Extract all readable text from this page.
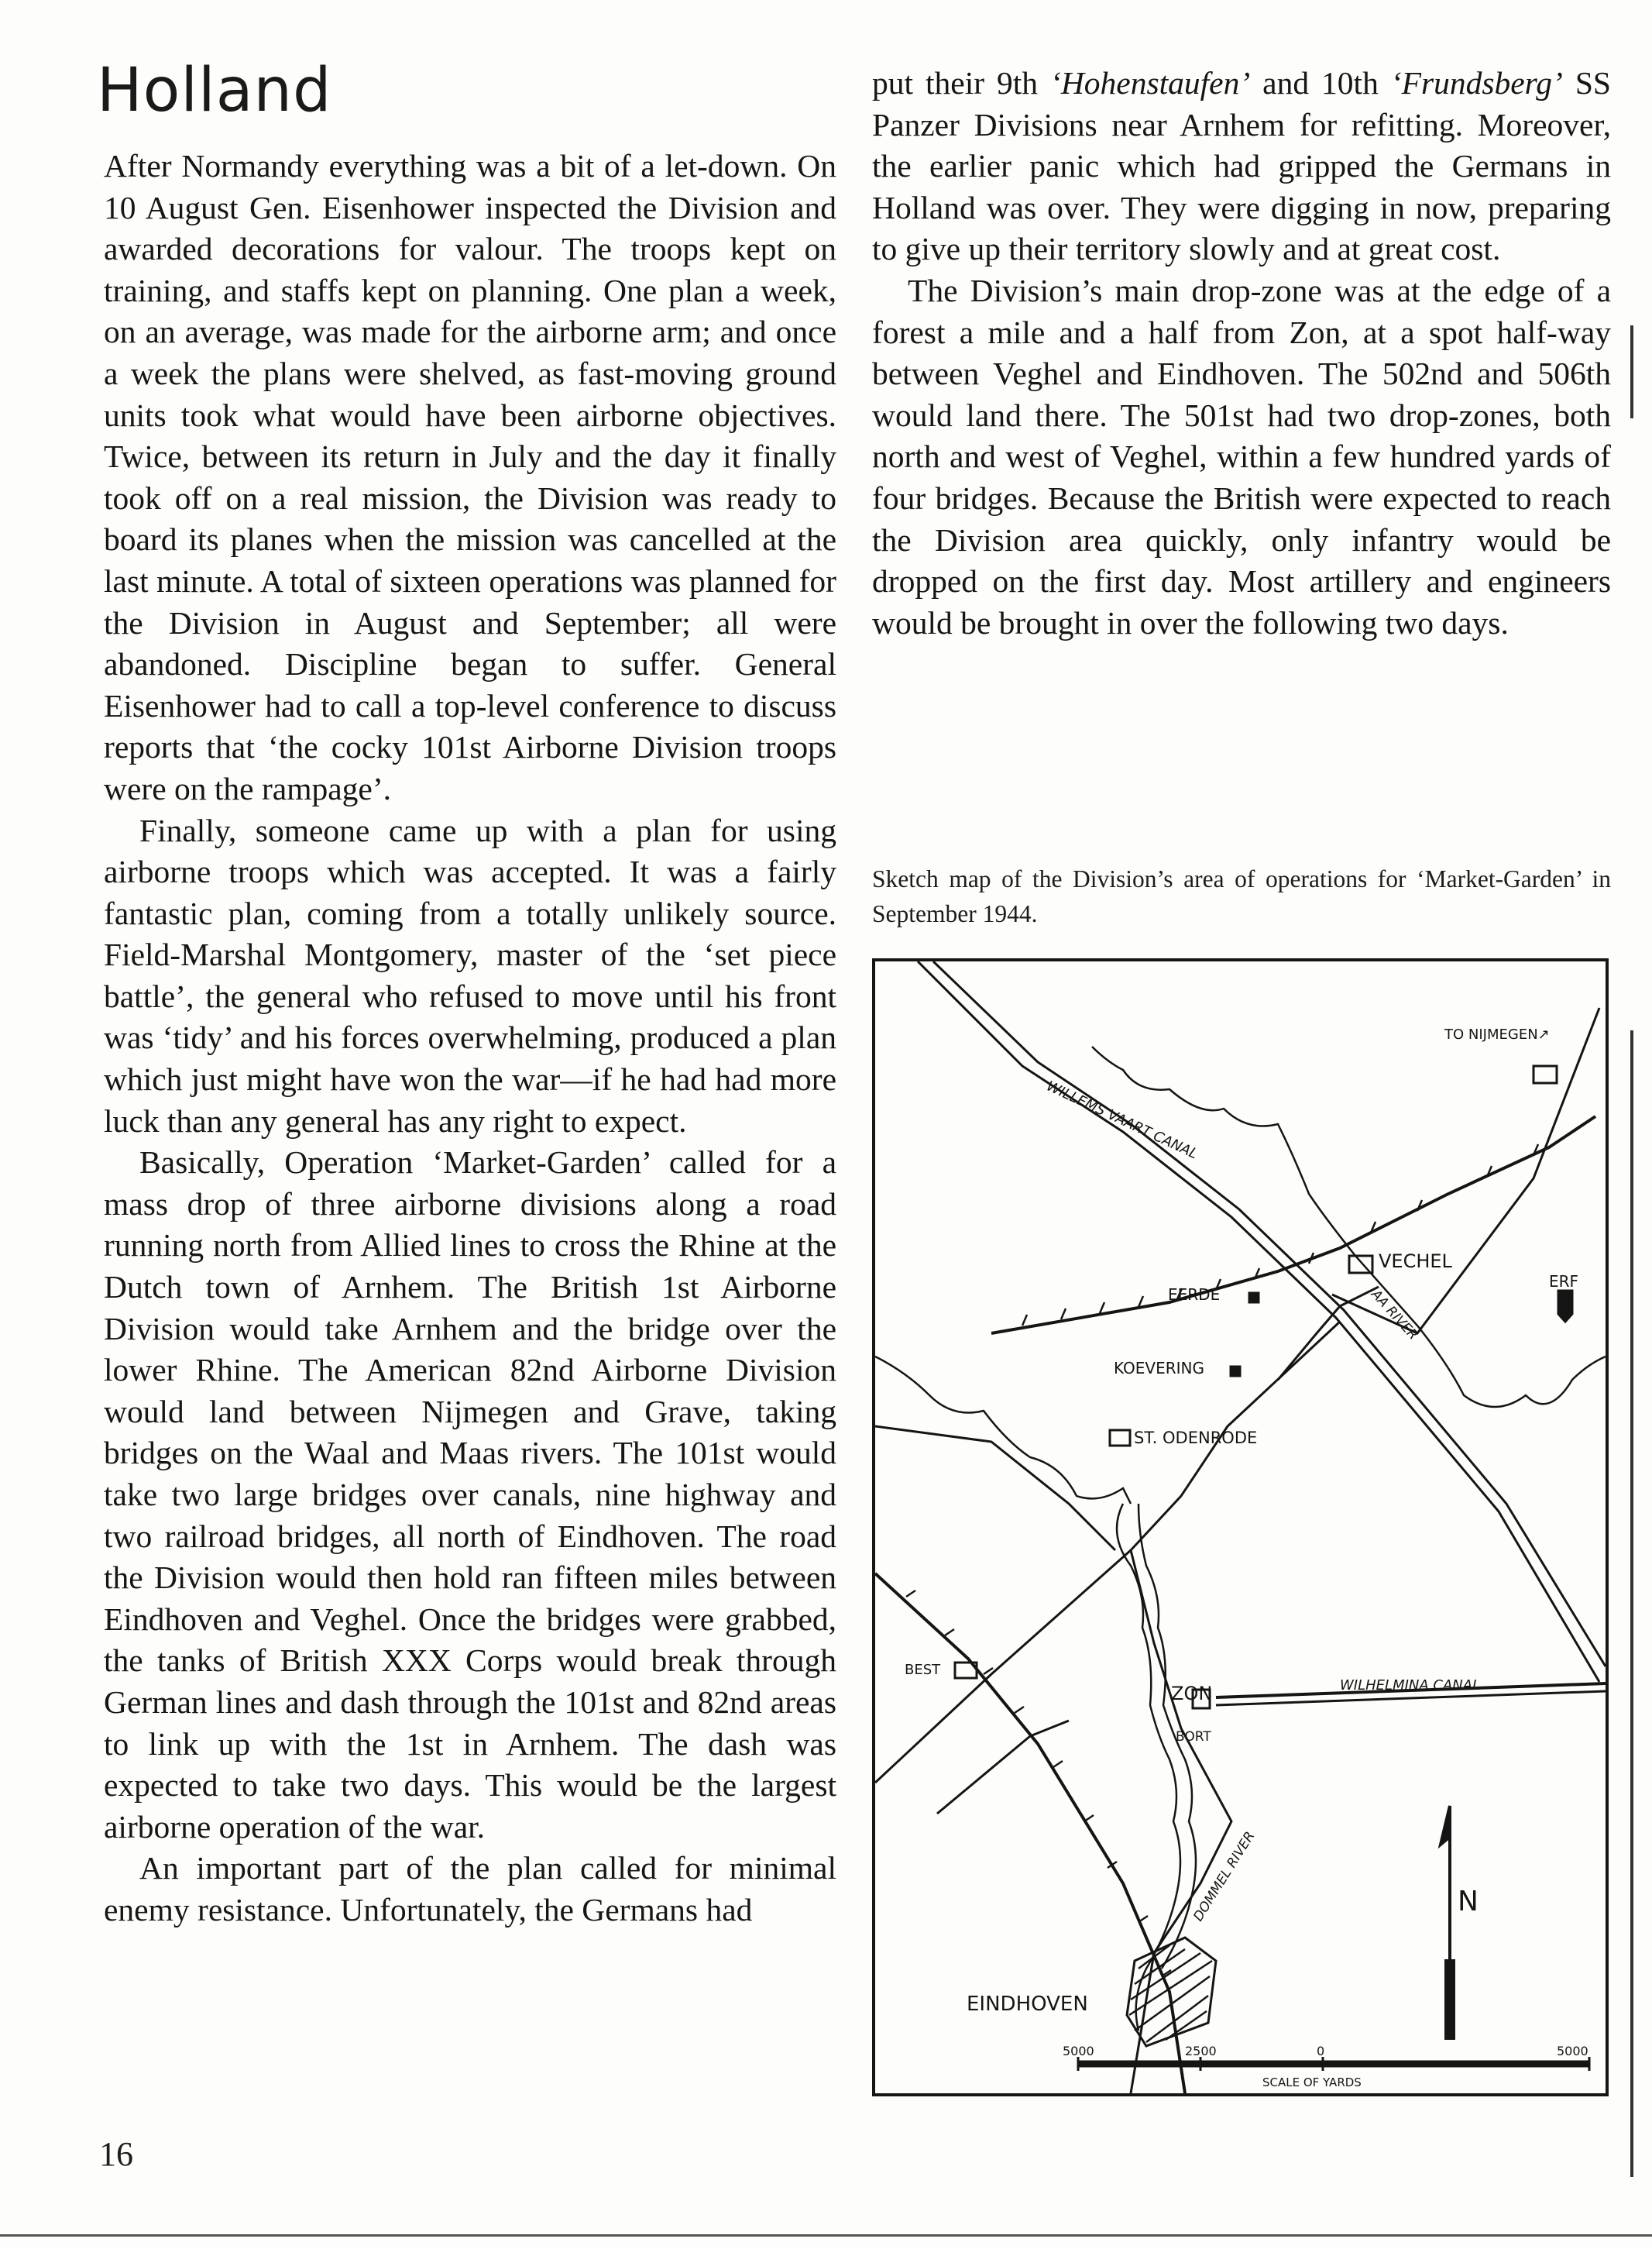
Holland

After Normandy everything was a bit of a let-down. On 10 August Gen. Eisenhower inspected the Division and awarded decorations for valour. The troops kept on training, and staffs kept on planning. One plan a week, on an average, was made for the airborne arm; and once a week the plans were shelved, as fast-moving ground units took what would have been airborne objectives. Twice, between its return in July and the day it finally took off on a real mission, the Division was ready to board its planes when the mission was cancelled at the last minute. A total of sixteen operations was planned for the Division in August and September; all were abandoned. Discipline began to suffer. General Eisenhower had to call a top-level conference to discuss reports that ‘the cocky 101st Airborne Division troops were on the rampage’.

Finally, someone came up with a plan for using airborne troops which was accepted. It was a fairly fantastic plan, coming from a totally unlikely source. Field-Marshal Montgomery, master of the ‘set piece battle’, the general who refused to move until his front was ‘tidy’ and his forces overwhelming, produced a plan which just might have won the war—if he had had more luck than any general has any right to expect.

Basically, Operation ‘Market-Garden’ called for a mass drop of three airborne divisions along a road running north from Allied lines to cross the Rhine at the Dutch town of Arnhem. The British 1st Airborne Division would take Arnhem and the bridge over the lower Rhine. The American 82nd Airborne Division would land between Nijmegen and Grave, taking bridges on the Waal and Maas rivers. The 101st would take two large bridges over canals, nine highway and two railroad bridges, all north of Eindhoven. The road the Division would then hold ran fifteen miles between Eindhoven and Veghel. Once the bridges were grabbed, the tanks of British XXX Corps would break through German lines and dash through the 101st and 82nd areas to link up with the 1st in Arnhem. The dash was expected to take two days. This would be the largest airborne operation of the war.

An important part of the plan called for minimal enemy resistance. Unfortunately, the Germans had

put their 9th ‘Hohenstaufen’ and 10th ‘Frundsberg’ SS Panzer Divisions near Arnhem for refitting. Moreover, the earlier panic which had gripped the Germans in Holland was over. They were digging in now, preparing to give up their territory slowly and at great cost.

The Division’s main drop-zone was at the edge of a forest a mile and a half from Zon, at a spot half-way between Veghel and Eindhoven. The 502nd and 506th would land there. The 501st had two drop-zones, both north and west of Veghel, within a few hundred yards of four bridges. Because the British were expected to reach the Division area quickly, only infantry would be dropped on the first day. Most artillery and engineers would be brought in over the following two days.

Sketch map of the Division’s area of operations for ‘Market-Garden’ in September 1944.

TO NIJMEGEN↗
WILLEMS VAART CANAL
VECHEL
ERF
EERDE	AA RIVER
KOEVERING
ST. ODENRODE
BEST
ZON	WILHELMINA CANAL
BORT
DOMMEL RIVER
EINDHOVEN
N
5000	2500	0	5000
SCALE OF YARDS

16
